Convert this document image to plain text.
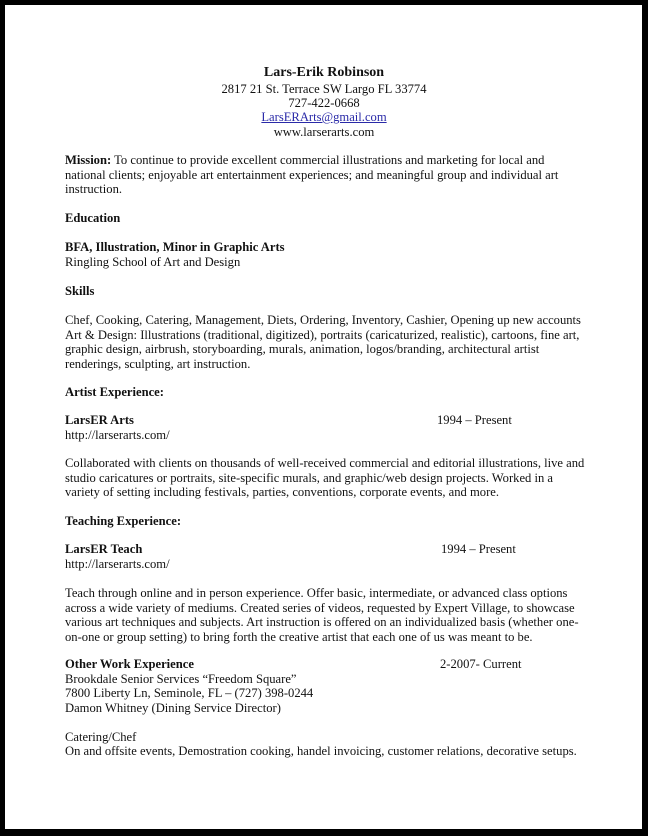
Lars-Erik Robinson
2817 21 St. Terrace SW Largo FL 33774
727-422-0668
LarsERArts@gmail.com
www.larserarts.com
Mission: To continue to provide excellent commercial illustrations and marketing for local and
national clients; enjoyable art entertainment experiences; and meaningful group and individual art
instruction.
Education
BFA, Illustration, Minor in Graphic Arts
Ringling School of Art and Design
Skills
Chef, Cooking, Catering, Management, Diets, Ordering, Inventory, Cashier, Opening up new accounts
Art & Design: Illustrations (traditional, digitized), portraits (caricaturized, realistic), cartoons, fine art,
graphic design, airbrush, storyboarding, murals, animation, logos/branding, architectural artist
renderings, sculpting, art instruction.
Artist Experience:
LarsER Arts	1994 – Present
http://larserarts.com/
Collaborated with clients on thousands of well-received commercial and editorial illustrations, live and
studio caricatures or portraits, site-specific murals, and graphic/web design projects. Worked in a
variety of setting including festivals, parties, conventions, corporate events, and more.
Teaching Experience:
LarsER Teach	1994 – Present
http://larserarts.com/
Teach through online and in person experience. Offer basic, intermediate, or advanced class options
across a wide variety of mediums. Created series of videos, requested by Expert Village, to showcase
various art techniques and subjects. Art instruction is offered on an individualized basis (whether one-
on-one or group setting) to bring forth the creative artist that each one of us was meant to be.
Other Work Experience	2-2007- Current
Brookdale Senior Services “Freedom Square”
7800 Liberty Ln, Seminole, FL – (727) 398-0244
Damon Whitney (Dining Service Director)
Catering/Chef
On and offsite events, Demostration cooking, handel invoicing, customer relations, decorative setups.
